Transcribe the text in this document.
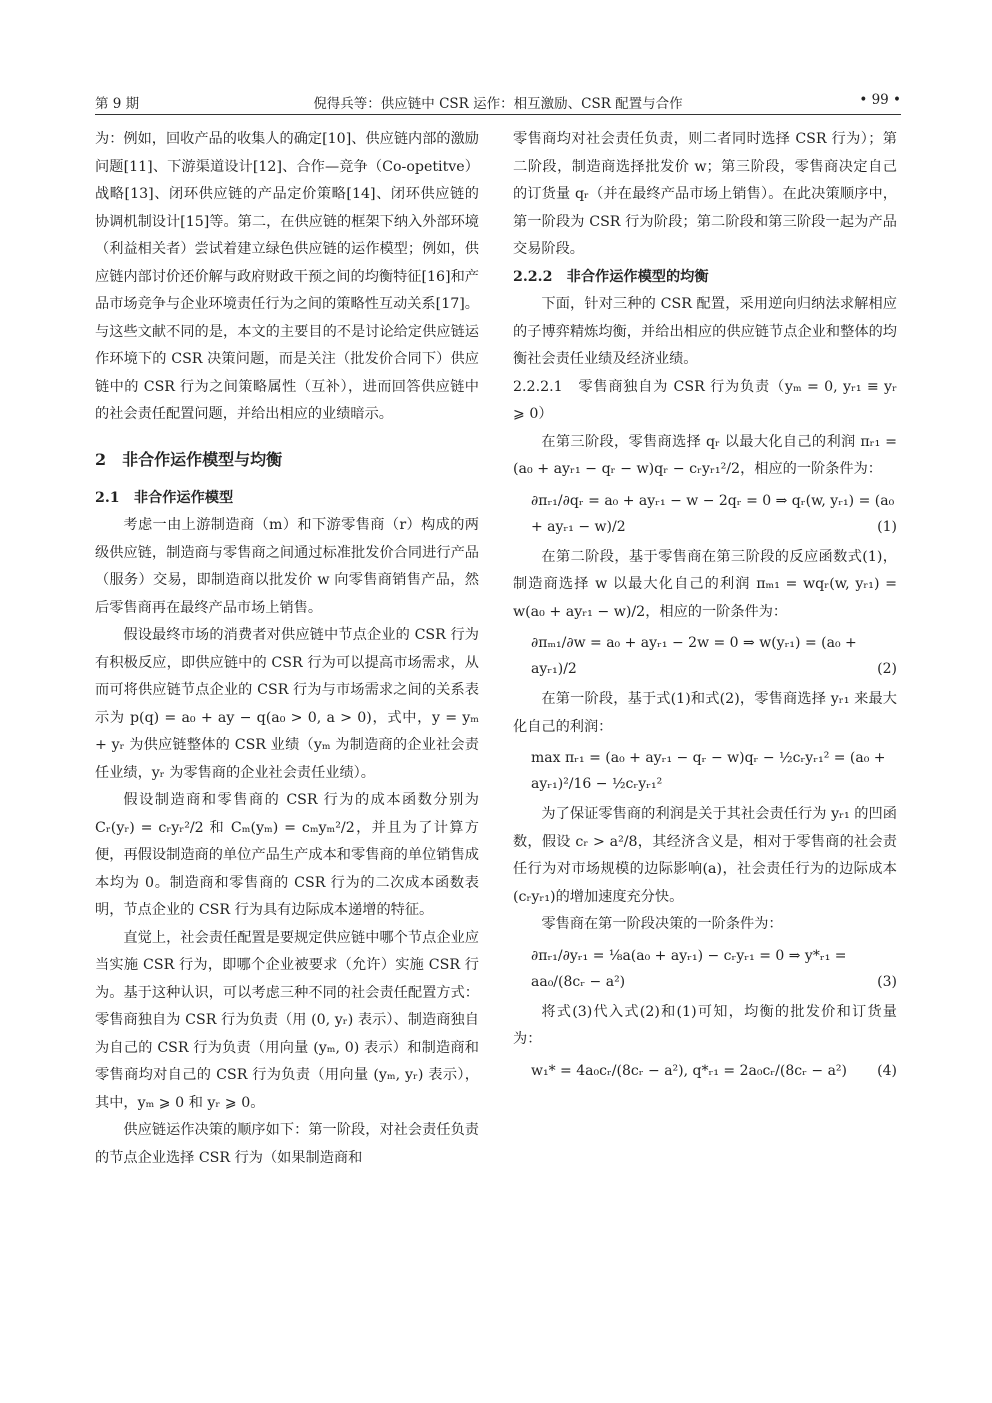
第 9 期	倪得兵等：供应链中 CSR 运作：相互激励、CSR 配置与合作	• 99 •

为：例如，回收产品的收集人的确定[10]、供应链内部的激励问题[11]、下游渠道设计[12]、合作—竞争（Co-opetitve）战略[13]、闭环供应链的产品定价策略[14]、闭环供应链的协调机制设计[15]等。第二，在供应链的框架下纳入外部环境（利益相关者）尝试着建立绿色供应链的运作模型；例如，供应链内部讨价还价解与政府财政干预之间的均衡特征[16]和产品市场竞争与企业环境责任行为之间的策略性互动关系[17]。与这些文献不同的是，本文的主要目的不是讨论给定供应链运作环境下的 CSR 决策问题，而是关注（批发价合同下）供应链中的 CSR 行为之间策略属性（互补），进而回答供应链中的社会责任配置问题，并给出相应的业绩暗示。

2　非合作运作模型与均衡

2.1　非合作运作模型

考虑一由上游制造商（m）和下游零售商（r）构成的两级供应链，制造商与零售商之间通过标准批发价合同进行产品（服务）交易，即制造商以批发价 w 向零售商销售产品，然后零售商再在最终产品市场上销售。

假设最终市场的消费者对供应链中节点企业的 CSR 行为有积极反应，即供应链中的 CSR 行为可以提高市场需求，从而可将供应链节点企业的 CSR 行为与市场需求之间的关系表示为 p(q) = a₀ + ay − q(a₀ > 0, a > 0)，式中，y = yₘ + yᵣ 为供应链整体的 CSR 业绩（yₘ 为制造商的企业社会责任业绩，yᵣ 为零售商的企业社会责任业绩）。

假设制造商和零售商的 CSR 行为的成本函数分别为 Cᵣ(yᵣ) = cᵣyᵣ²/2 和 Cₘ(yₘ) = cₘyₘ²/2，并且为了计算方便，再假设制造商的单位产品生产成本和零售商的单位销售成本均为 0。制造商和零售商的 CSR 行为的二次成本函数表明，节点企业的 CSR 行为具有边际成本递增的特征。

直觉上，社会责任配置是要规定供应链中哪个节点企业应当实施 CSR 行为，即哪个企业被要求（允许）实施 CSR 行为。基于这种认识，可以考虑三种不同的社会责任配置方式：零售商独自为 CSR 行为负责（用 (0, yᵣ) 表示）、制造商独自为自己的 CSR 行为负责（用向量 (yₘ, 0) 表示）和制造商和零售商均对自己的 CSR 行为负责（用向量 (yₘ, yᵣ) 表示），其中，yₘ ⩾ 0 和 yᵣ ⩾ 0。

供应链运作决策的顺序如下：第一阶段，对社会责任负责的节点企业选择 CSR 行为（如果制造商和

零售商均对社会责任负责，则二者同时选择 CSR 行为）；第二阶段，制造商选择批发价 w；第三阶段，零售商决定自己的订货量 qᵣ（并在最终产品市场上销售）。在此决策顺序中，第一阶段为 CSR 行为阶段；第二阶段和第三阶段一起为产品交易阶段。

2.2.2　非合作运作模型的均衡

下面，针对三种的 CSR 配置，采用逆向归纳法求解相应的子博弈精炼均衡，并给出相应的供应链节点企业和整体的均衡社会责任业绩及经济业绩。

2.2.2.1　零售商独自为 CSR 行为负责（yₘ = 0, yᵣ₁ ≡ yᵣ ⩾ 0）

在第三阶段，零售商选择 qᵣ 以最大化自己的利润 πᵣ₁ = (a₀ + ayᵣ₁ − qᵣ − w)qᵣ − cᵣyᵣ₁²/2，相应的一阶条件为：

∂πᵣ₁/∂qᵣ = a₀ + ayᵣ₁ − w − 2qᵣ = 0 ⇒ qᵣ(w, yᵣ₁) = (a₀ + ayᵣ₁ − w)/2	(1)

在第二阶段，基于零售商在第三阶段的反应函数式(1)，制造商选择 w 以最大化自己的利润 πₘ₁ = wqᵣ(w, yᵣ₁) = w(a₀ + ayᵣ₁ − w)/2，相应的一阶条件为：

∂πₘ₁/∂w = a₀ + ayᵣ₁ − 2w = 0 ⇒ w(yᵣ₁) = (a₀ + ayᵣ₁)/2	(2)

在第一阶段，基于式(1)和式(2)，零售商选择 yᵣ₁ 来最大化自己的利润：

max πᵣ₁ = (a₀ + ayᵣ₁ − qᵣ − w)qᵣ − ½cᵣyᵣ₁² = (a₀ + ayᵣ₁)²/16 − ½cᵣyᵣ₁²

为了保证零售商的利润是关于其社会责任行为 yᵣ₁ 的凹函数，假设 cᵣ > a²/8，其经济含义是，相对于零售商的社会责任行为对市场规模的边际影响(a)，社会责任行为的边际成本(cᵣyᵣ₁)的增加速度充分快。

零售商在第一阶段决策的一阶条件为：

∂πᵣ₁/∂yᵣ₁ = ⅛a(a₀ + ayᵣ₁) − cᵣyᵣ₁ = 0 ⇒ y*ᵣ₁ = aa₀/(8cᵣ − a²)	(3)

将式(3)代入式(2)和(1)可知，均衡的批发价和订货量为：

w₁* = 4a₀cᵣ/(8cᵣ − a²), q*ᵣ₁ = 2a₀cᵣ/(8cᵣ − a²) (4)
